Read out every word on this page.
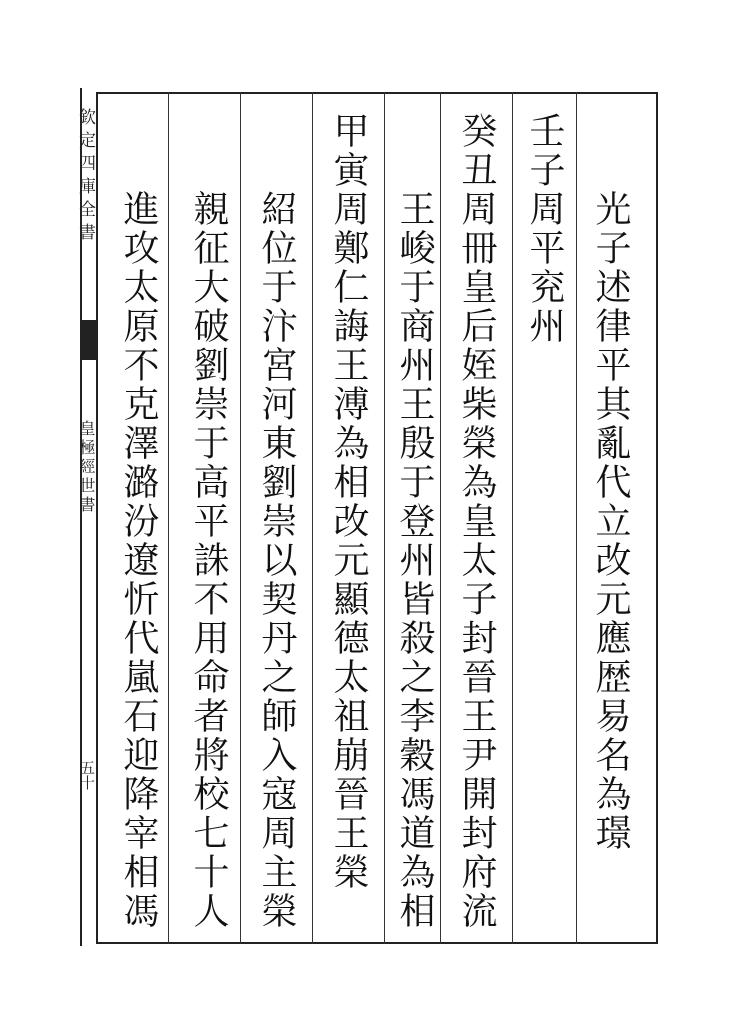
欽定四庫全書
皇極經世書
五十	光子述律平其亂代立改元應歴易名為璟
壬子周平兖州
癸丑周冊皇后姪柴榮為皇太子封晉王尹開封府流
王峻于商州王殷于登州皆殺之李穀馮道為相
甲寅周鄭仁誨王溥為相改元顯德太祖崩晉王榮
紹位于汴宮河東劉崇以契丹之師入寇周主榮
親征大破劉崇于高平誅不用命者將校七十人
進攻太原不克澤潞汾遼忻代嵐石迎降宰相馮
